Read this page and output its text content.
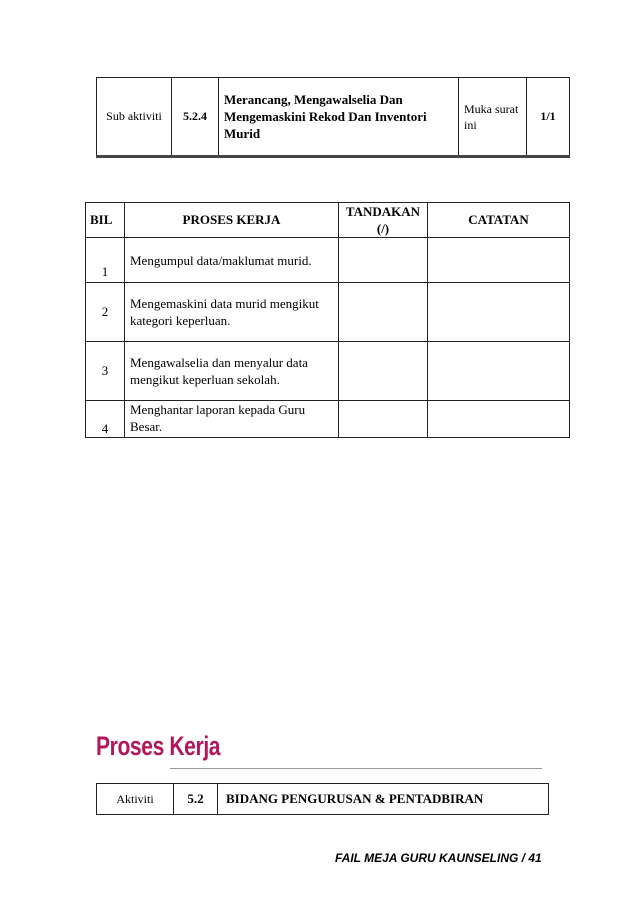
Sub aktiviti	5.2.4	Merancang, Mengawalselia Dan Mengemaskini Rekod Dan Inventori Murid	Muka surat ini	1/1
BIL	PROSES KERJA	TANDAKAN (/)	CATATAN
1	Mengumpul data/maklumat murid.		
2	Mengemaskini data murid mengikut kategori keperluan.		
3	Mengawalselia dan menyalur data mengikut keperluan sekolah.		
4	Menghantar laporan kepada Guru Besar.		
Proses Kerja
Aktiviti	5.2	BIDANG PENGURUSAN & PENTADBIRAN
FAIL MEJA GURU KAUNSELING / 41
